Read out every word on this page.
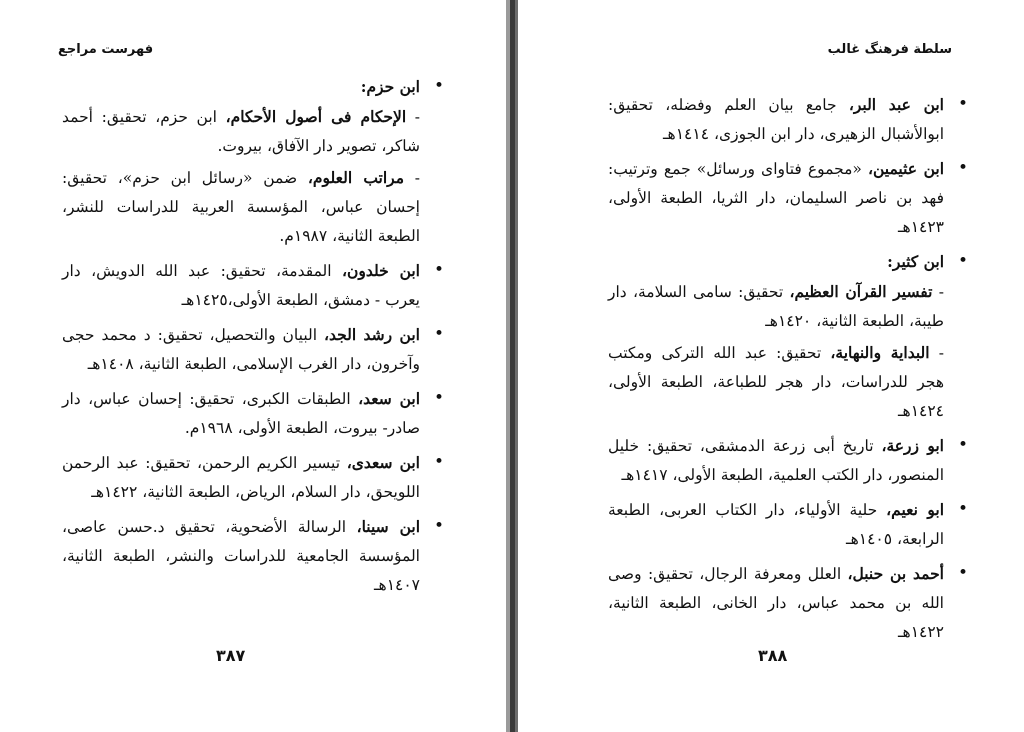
فهرست مراجع
• ابن حزم:
- الإحكام فى أصول الأحكام، ابن حزم، تحقيق: أحمد شاكر، تصوير دار الآفاق، بيروت.
- مراتب العلوم، ضمن «رسائل ابن حزم»، تحقيق: إحسان عباس، المؤسسة العربية للدراسات للنشر، الطبعة الثانية، ١٩٨٧م.
• ابن خلدون، المقدمة، تحقيق: عبد الله الدويش، دار يعرب - دمشق، الطبعة الأولى،١٤٢٥هـ
• ابن رشد الجد، البيان والتحصيل، تحقيق: د محمد حجى وآخرون، دار الغرب الإسلامى، الطبعة الثانية، ١٤٠٨هـ
• ابن سعد، الطبقات الكبرى، تحقيق: إحسان عباس، دار صادر- بيروت، الطبعة الأولى، ١٩٦٨م.
• ابن سعدى، تيسير الكريم الرحمن، تحقيق: عبد الرحمن اللويحق، دار السلام، الرياض، الطبعة الثانية، ١٤٢٢هـ
• ابن سينا، الرسالة الأضحوية، تحقيق د.حسن عاصى، المؤسسة الجامعية للدراسات والنشر، الطبعة الثانية، ١٤٠٧هـ
٣٨٧
سلطة فرهنگ غالب
• ابن عبد البر، جامع بيان العلم وفضله، تحقيق: ابوالأشبال الزهيرى، دار ابن الجوزى، ١٤١٤هـ
• ابن عثيمين، «مجموع فتاواى ورسائل» جمع وترتيب: فهد بن ناصر السليمان، دار الثريا، الطبعة الأولى، ١٤٢٣هـ
• ابن كثير:
- تفسير القرآن العظيم، تحقيق: سامى السلامة، دار طيبة، الطبعة الثانية، ١٤٢٠هـ
- البداية والنهاية، تحقيق: عبد الله التركى ومكتب هجر للدراسات، دار هجر للطباعة، الطبعة الأولى، ١٤٢٤هـ
• ابو زرعة، تاريخ أبى زرعة الدمشقى، تحقيق: خليل المنصور، دار الكتب العلمية، الطبعة الأولى، ١٤١٧هـ
• ابو نعيم، حلية الأولياء، دار الكتاب العربى، الطبعة الرابعة، ١٤٠٥هـ
• أحمد بن حنبل، العلل ومعرفة الرجال، تحقيق: وصى الله بن محمد عباس، دار الخانى، الطبعة الثانية، ١٤٢٢هـ
٣٨٨
